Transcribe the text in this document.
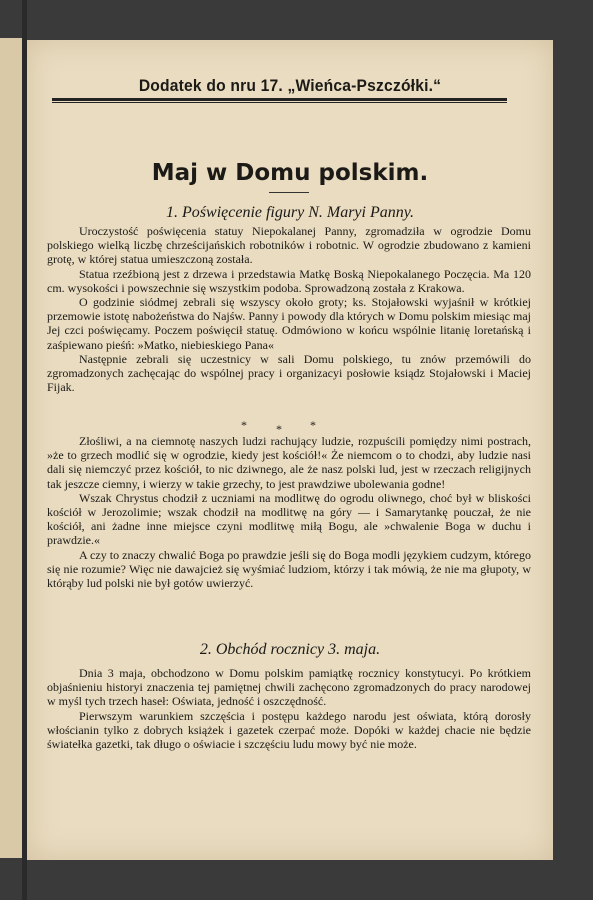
Dodatek do nru 17. „Wieńca-Pszczółki.“
Maj w Domu polskim.
1. Poświęcenie figury N. Maryi Panny.

Uroczystość poświęcenia statuy Niepokalanej Panny, zgromadziła w ogrodzie Domu polskiego wielką liczbę chrześcijańskich robotników i robotnic. W ogrodzie zbudowano z kamieni grotę, w której statua umieszczoną została.

Statua rzeźbioną jest z drzewa i przedstawia Matkę Boską Niepokalanego Poczęcia. Ma 120 cm. wysokości i powszechnie się wszystkim podoba. Sprowadzoną została z Krakowa.

O godzinie siódmej zebrali się wszyscy około groty; ks. Stojałowski wyjaśnił w krótkiej przemowie istotę nabożeństwa do Najśw. Panny i powody dla których w Domu polskim miesiąc maj Jej czci poświęcamy. Poczem poświęcił statuę. Odmówiono w końcu wspólnie litanię loretańską i zaśpiewano pieśń: »Matko, niebieskiego Pana«

Następnie zebrali się uczestnicy w sali Domu polskiego, tu znów przemówili do zgromadzonych zachęcając do wspólnej pracy i organizacyi posłowie ksiądz Stojałowski i Maciej Fijak.

* * *

Złośliwi, a na ciemnotę naszych ludzi rachujący ludzie, rozpuścili pomiędzy nimi postrach, »że to grzech modlić się w ogrodzie, kiedy jest kościół!« Że niemcom o to chodzi, aby ludzie nasi dali się niemczyć przez kościół, to nic dziwnego, ale że nasz polski lud, jest w rzeczach religijnych tak jeszcze ciemny, i wierzy w takie grzechy, to jest prawdziwe ubolewania godne!

Wszak Chrystus chodził z uczniami na modlitwę do ogrodu oliwnego, choć był w bliskości kościół w Jerozolimie; wszak chodził na modlitwę na góry — i Samarytankę pouczał, że nie kościół, ani żadne inne miejsce czyni modlitwę miłą Bogu, ale »chwalenie Boga w duchu i prawdzie.«

A czy to znaczy chwalić Boga po prawdzie jeśli się do Boga modli językiem cudzym, którego się nie rozumie? Więc nie dawajcież się wyśmiać ludziom, którzy i tak mówią, że nie ma głupoty, w którąby lud polski nie był gotów uwierzyć.

2. Obchód rocznicy 3. maja.

Dnia 3 maja, obchodzono w Domu polskim pamiątkę rocznicy konstytucyi. Po krótkiem objaśnieniu historyi znaczenia tej pamiętnej chwili zachęcono zgromadzonych do pracy narodowej w myśl tych trzech haseł: Oświata, jedność i oszczędność.

Pierwszym warunkiem szczęścia i postępu każdego narodu jest oświata, którą dorosły włościanin tylko z dobrych książek i gazetek czerpać może. Dopóki w każdej chacie nie będzie światełka gazetki, tak długo o oświacie i szczęściu ludu mowy być nie może.
